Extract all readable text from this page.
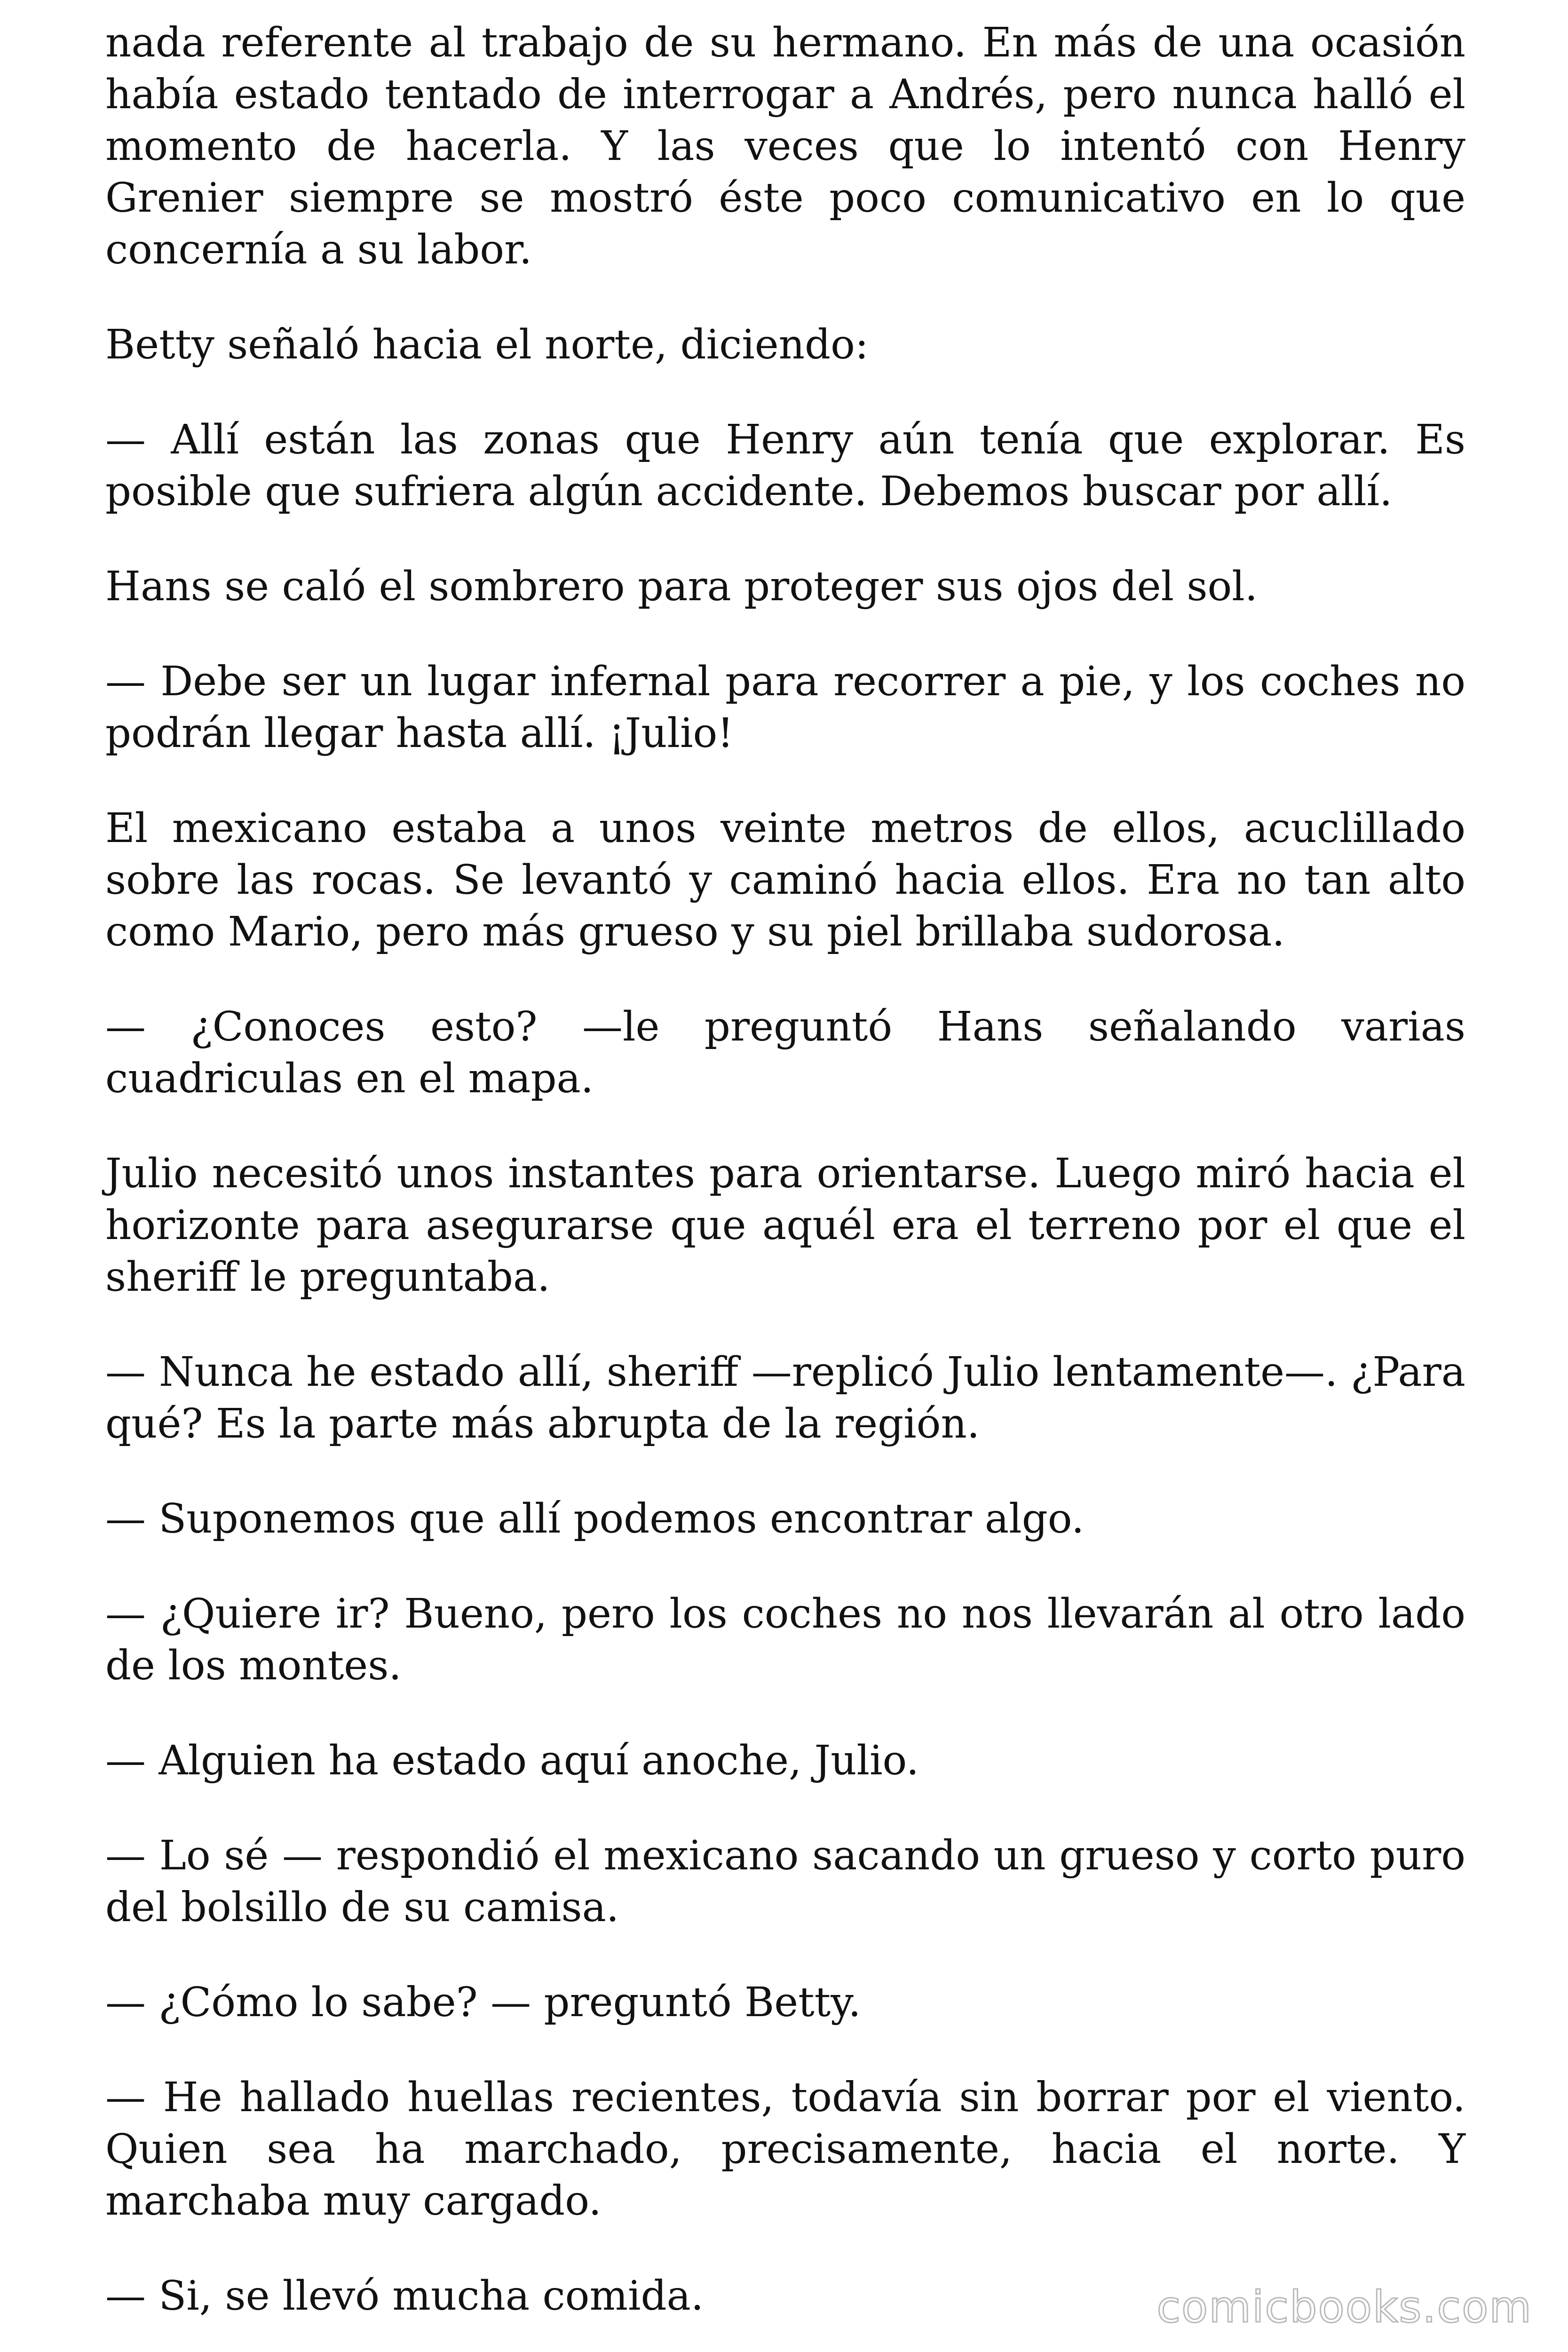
nada referente al trabajo de su hermano. En más de una ocasión había estado tentado de interrogar a Andrés, pero nunca halló el momento de hacerla. Y las veces que lo intentó con Henry Grenier siempre se mostró éste poco comunicativo en lo que concernía a su labor.

Betty señaló hacia el norte, diciendo:

— Allí están las zonas que Henry aún tenía que explorar. Es posible que sufriera algún accidente. Debemos buscar por allí.

Hans se caló el sombrero para proteger sus ojos del sol.

— Debe ser un lugar infernal para recorrer a pie, y los coches no podrán llegar hasta allí. ¡Julio!

El mexicano estaba a unos veinte metros de ellos, acuclillado sobre las rocas. Se levantó y caminó hacia ellos. Era no tan alto como Mario, pero más grueso y su piel brillaba sudorosa.

— ¿Conoces esto? —le preguntó Hans señalando varias cuadriculas en el mapa.

Julio necesitó unos instantes para orientarse. Luego miró hacia el horizonte para asegurarse que aquél era el terreno por el que el sheriff le preguntaba.

— Nunca he estado allí, sheriff —replicó Julio lentamente—. ¿Para qué? Es la parte más abrupta de la región.

— Suponemos que allí podemos encontrar algo.

— ¿Quiere ir? Bueno, pero los coches no nos llevarán al otro lado de los montes.

— Alguien ha estado aquí anoche, Julio.

— Lo sé — respondió el mexicano sacando un grueso y corto puro del bolsillo de su camisa.

— ¿Cómo lo sabe? — preguntó Betty.

— He hallado huellas recientes, todavía sin borrar por el viento. Quien sea ha marchado, precisamente, hacia el norte. Y marchaba muy cargado.

— Si, se llevó mucha comida.	comicbooks.com
